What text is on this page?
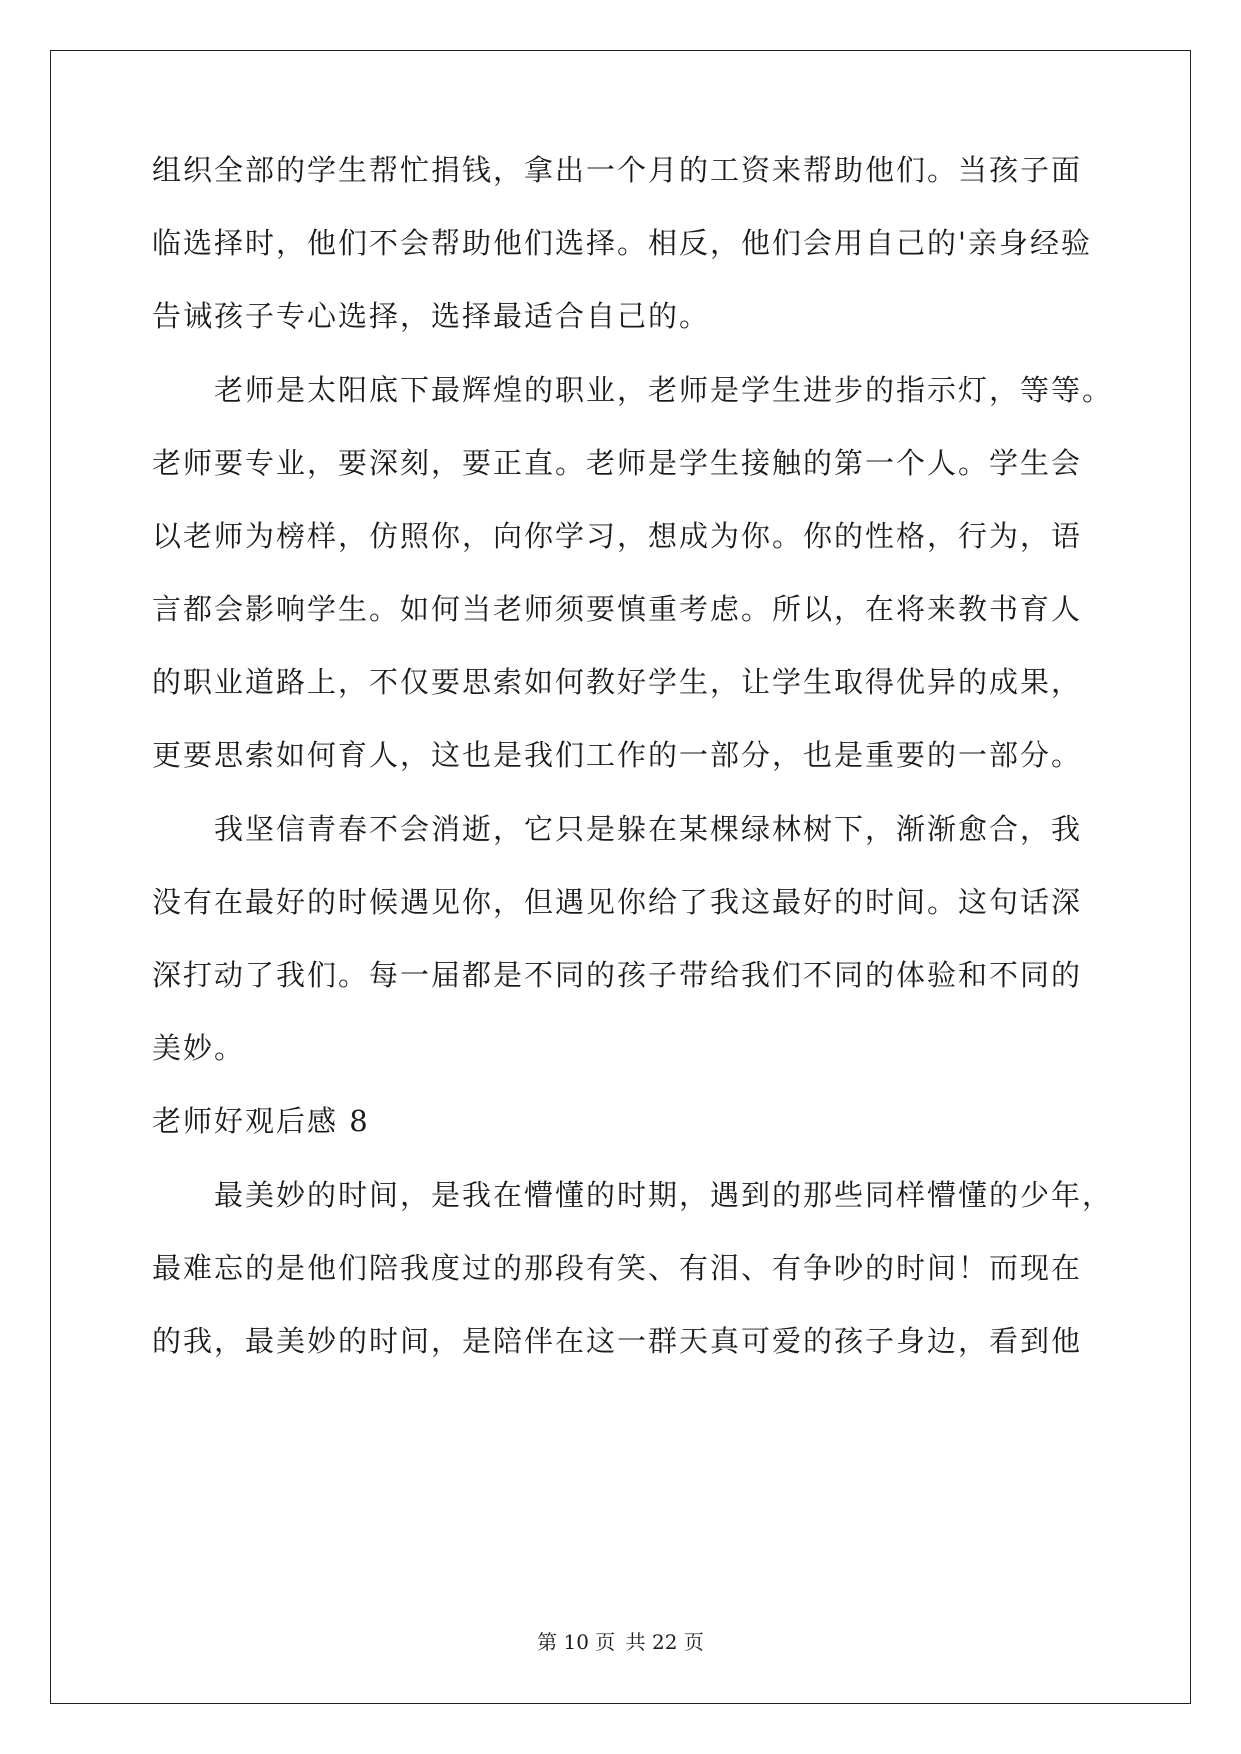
组织全部的学生帮忙捐钱，拿出一个月的工资来帮助他们。当孩子面
临选择时，他们不会帮助他们选择。相反，他们会用自己的'亲身经验
告诫孩子专心选择，选择最适合自己的。
　　老师是太阳底下最辉煌的职业，老师是学生进步的指示灯，等等。
老师要专业，要深刻，要正直。老师是学生接触的第一个人。学生会
以老师为榜样，仿照你，向你学习，想成为你。你的性格，行为，语
言都会影响学生。如何当老师须要慎重考虑。所以，在将来教书育人
的职业道路上，不仅要思索如何教好学生，让学生取得优异的成果，
更要思索如何育人，这也是我们工作的一部分，也是重要的一部分。
　　我坚信青春不会消逝，它只是躲在某棵绿林树下，渐渐愈合，我
没有在最好的时候遇见你，但遇见你给了我这最好的时间。这句话深
深打动了我们。每一届都是不同的孩子带给我们不同的体验和不同的
美妙。
老师好观后感 8
　　最美妙的时间，是我在懵懂的时期，遇到的那些同样懵懂的少年，
最难忘的是他们陪我度过的那段有笑、有泪、有争吵的时间！而现在
的我，最美妙的时间，是陪伴在这一群天真可爱的孩子身边，看到他
第 10 页 共 22 页
